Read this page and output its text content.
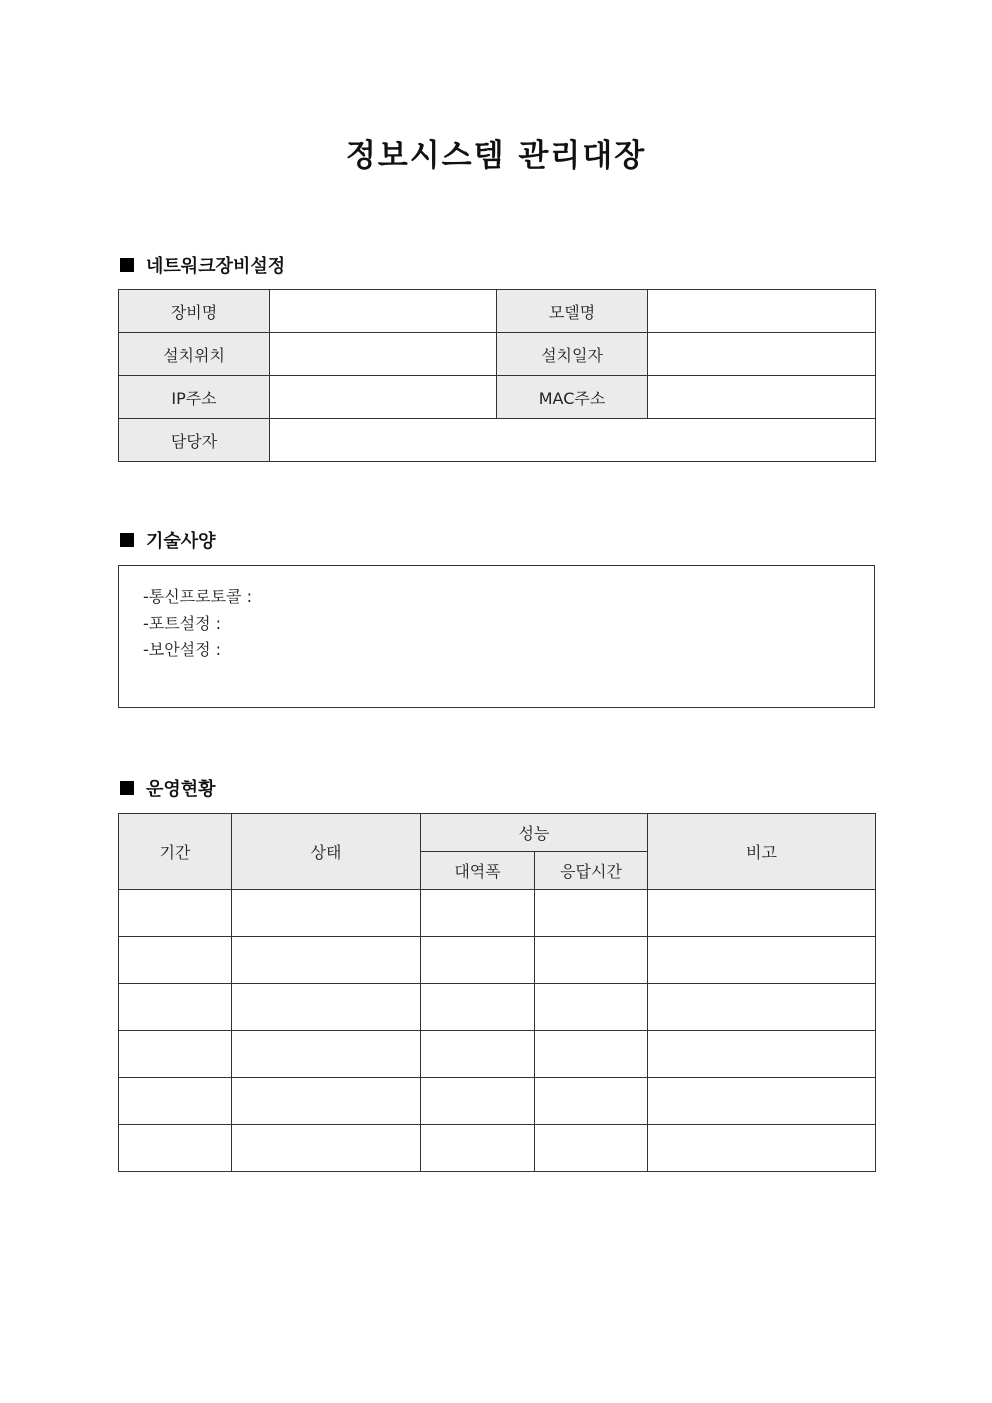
정보시스템 관리대장
네트워크장비설정
장비명		모델명	
설치위치		설치일자	
IP주소		MAC주소	
담당자			
기술사양
-통신프로토콜 :
-포트설정 :
-보안설정 :
운영현황
기간	상태	성능		비고
		대역폭	응답시간	
